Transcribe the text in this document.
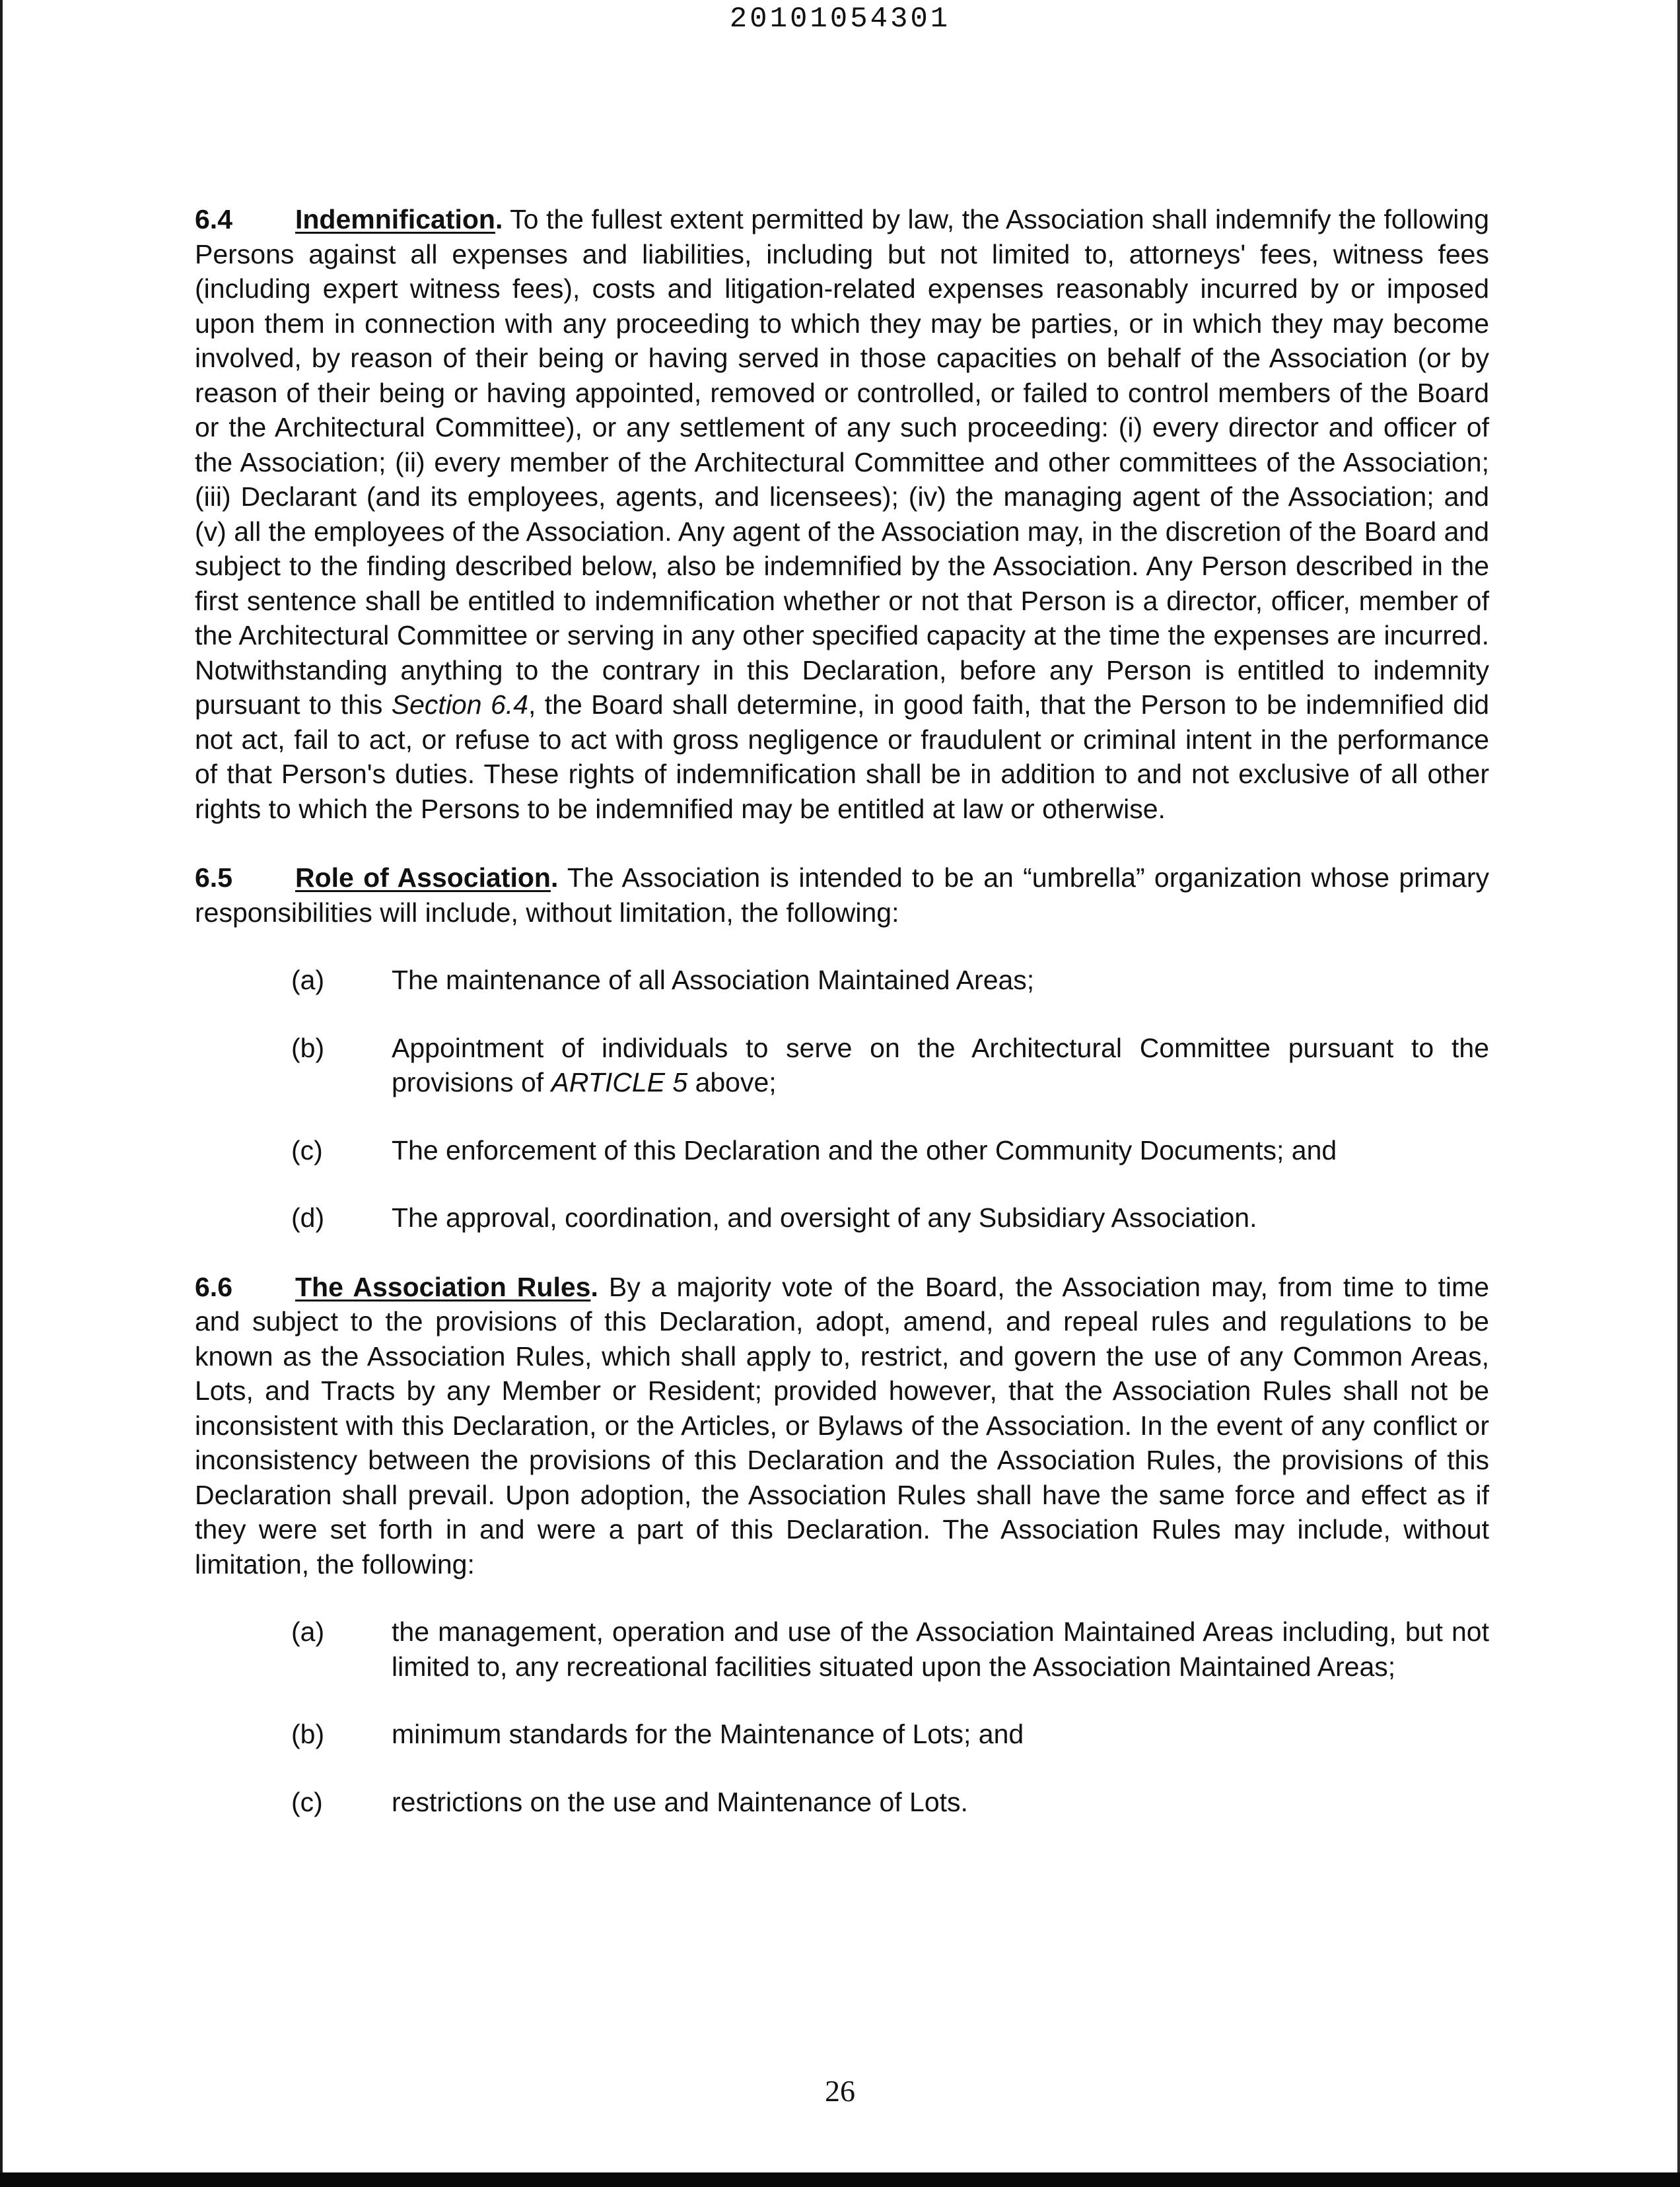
20101054301

6.4 Indemnification. To the fullest extent permitted by law, the Association shall indemnify the following Persons against all expenses and liabilities, including but not limited to, attorneys' fees, witness fees (including expert witness fees), costs and litigation-related expenses reasonably incurred by or imposed upon them in connection with any proceeding to which they may be parties, or in which they may become involved, by reason of their being or having served in those capacities on behalf of the Association (or by reason of their being or having appointed, removed or controlled, or failed to control members of the Board or the Architectural Committee), or any settlement of any such proceeding: (i) every director and officer of the Association; (ii) every member of the Architectural Committee and other committees of the Association; (iii) Declarant (and its employees, agents, and licensees); (iv) the managing agent of the Association; and (v) all the employees of the Association. Any agent of the Association may, in the discretion of the Board and subject to the finding described below, also be indemnified by the Association. Any Person described in the first sentence shall be entitled to indemnification whether or not that Person is a director, officer, member of the Architectural Committee or serving in any other specified capacity at the time the expenses are incurred. Notwithstanding anything to the contrary in this Declaration, before any Person is entitled to indemnity pursuant to this Section 6.4, the Board shall determine, in good faith, that the Person to be indemnified did not act, fail to act, or refuse to act with gross negligence or fraudulent or criminal intent in the performance of that Person's duties. These rights of indemnification shall be in addition to and not exclusive of all other rights to which the Persons to be indemnified may be entitled at law or otherwise.

6.5 Role of Association. The Association is intended to be an “umbrella” organization whose primary responsibilities will include, without limitation, the following:

(a)	The maintenance of all Association Maintained Areas;
(b)	Appointment of individuals to serve on the Architectural Committee pursuant to the provisions of ARTICLE 5 above;
(c)	The enforcement of this Declaration and the other Community Documents; and
(d)	The approval, coordination, and oversight of any Subsidiary Association.

6.6 The Association Rules. By a majority vote of the Board, the Association may, from time to time and subject to the provisions of this Declaration, adopt, amend, and repeal rules and regulations to be known as the Association Rules, which shall apply to, restrict, and govern the use of any Common Areas, Lots, and Tracts by any Member or Resident; provided however, that the Association Rules shall not be inconsistent with this Declaration, or the Articles, or Bylaws of the Association. In the event of any conflict or inconsistency between the provisions of this Declaration and the Association Rules, the provisions of this Declaration shall prevail. Upon adoption, the Association Rules shall have the same force and effect as if they were set forth in and were a part of this Declaration. The Association Rules may include, without limitation, the following:

(a)	the management, operation and use of the Association Maintained Areas including, but not limited to, any recreational facilities situated upon the Association Maintained Areas;
(b)	minimum standards for the Maintenance of Lots; and
(c)	restrictions on the use and Maintenance of Lots.
26
